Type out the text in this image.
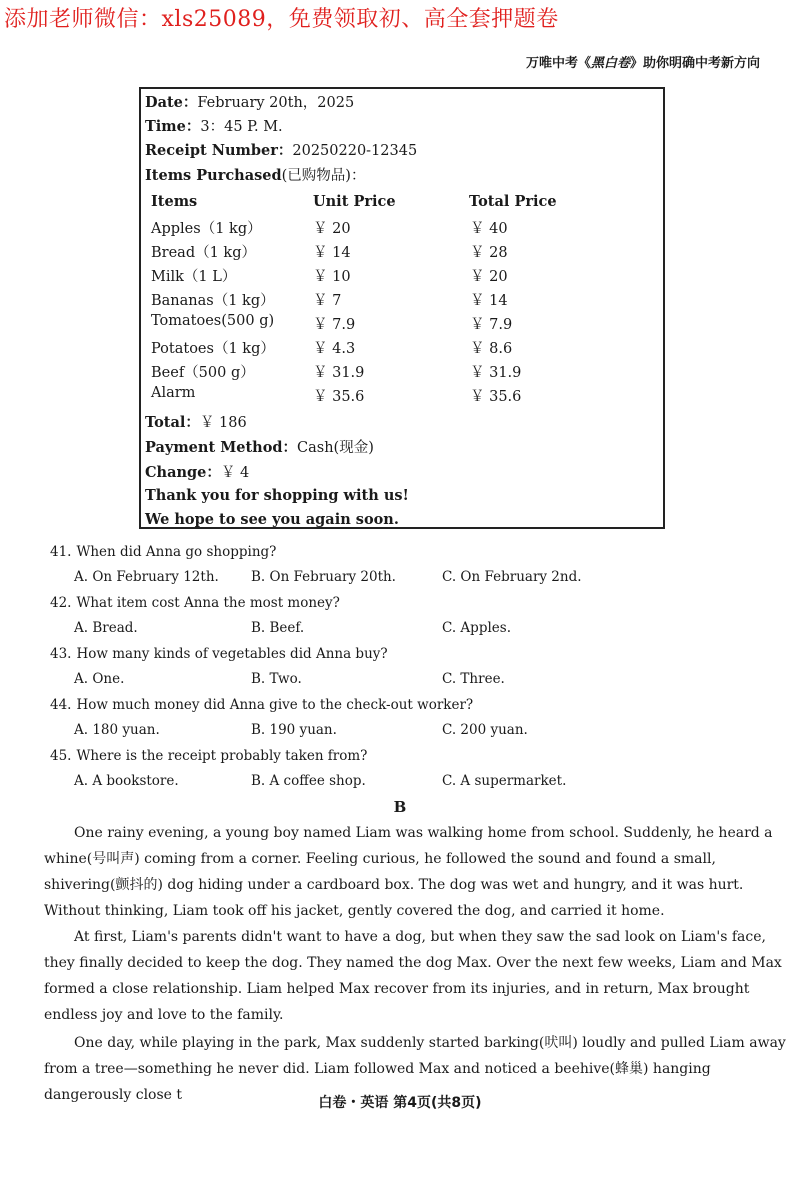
添加老师微信：xls25089，免费领取初、高全套押题卷
万唯中考《黑白卷》助你明确中考新方向
Date：February 20th，2025
Time：3：45 P. M.
Receipt Number：20250220-12345
Items Purchased(已购物品)：
Items	Unit Price	Total Price
Apples（1 kg）	￥ 20	￥ 40
Bread（1 kg）	￥ 14	￥ 28
Milk（1 L）	￥ 10	￥ 20
Bananas（1 kg）	￥ 7	￥ 14
Tomatoes(500 g)	￥ 7.9	￥ 7.9
Potatoes（1 kg）	￥ 4.3	￥ 8.6
Beef（500 g）	￥ 31.9	￥ 31.9
Alarm	￥ 35.6	￥ 35.6
Total：￥ 186
Payment Method：Cash(现金)
Change：￥ 4
Thank you for shopping with us!
We hope to see you again soon.
41. When did Anna go shopping?
A. On February 12th. B. On February 20th.	C. On February 2nd.
42. What item cost Anna the most money?
A. Bread.	B. Beef.	C. Apples.
43. How many kinds of vegetables did Anna buy?
A. One.	B. Two.	C. Three.
44. How much money did Anna give to the check-out worker?
A. 180 yuan.	B. 190 yuan.	C. 200 yuan.
45. Where is the receipt probably taken from?
A. A bookstore.	B. A coffee shop.	C. A supermarket.
B
One rainy evening, a young boy named Liam was walking home from school. Suddenly, he heard a whine(号叫声) coming from a corner. Feeling curious, he followed the sound and found a small, shivering(颤抖的) dog hiding under a cardboard box. The dog was wet and hungry, and it was hurt. Without thinking, Liam took off his jacket, gently covered the dog, and carried it home.
At first, Liam's parents didn't want to have a dog, but when they saw the sad look on Liam's face, they finally decided to keep the dog. They named the dog Max. Over the next few weeks, Liam and Max formed a close relationship. Liam helped Max recover from its injuries, and in return, Max brought endless joy and love to the family.
One day, while playing in the park, Max suddenly started barking(吠叫) loudly and pulled Liam away from a tree—something he never did. Liam followed Max and noticed a beehive(蜂巢) hanging dangerously close t	白卷・英语 第4页(共8页)
